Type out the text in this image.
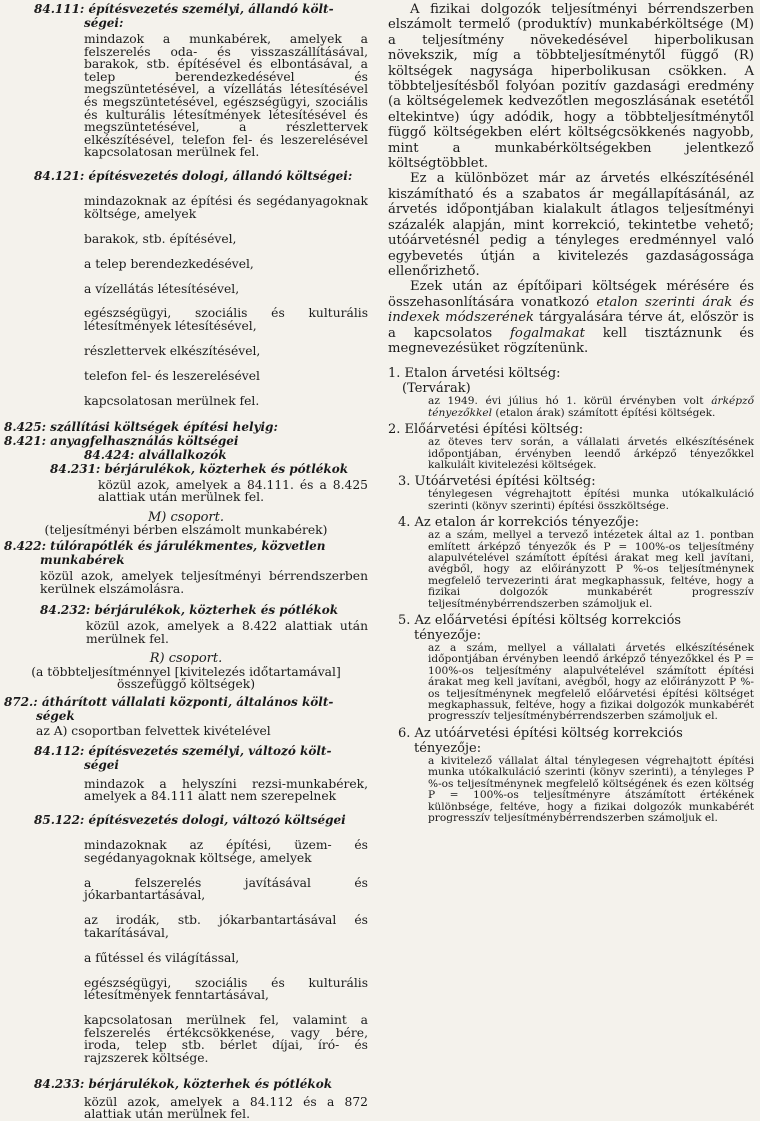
84.111: építésvezetés személyi, állandó költ-
ségei:

mindazok a munkabérek, amelyek a felszerelés oda- és visszaszállításával, barakok, stb. építésével és elbontásával, a telep berendezkedésével és megszüntetésével, a vízellátás létesítésével és megszüntetésével, egészségügyi, szociális és kulturális létesítmények létesítésével és megszüntetésével, a részlettervek elkészítésével, telefon fel- és leszerelésével kapcsolatosan merülnek fel.

84.121: építésvezetés dologi, állandó költségei:

mindazoknak az építési és segédanyagoknak költsége, amelyek

barakok, stb. építésével,

a telep berendezkedésével,

a vízellátás létesítésével,

egészségügyi, szociális és kulturális létesítmények létesítésével,

részlettervek elkészítésével,

telefon fel- és leszerelésével

kapcsolatosan merülnek fel.

8.425: szállítási költségek építési helyig:
8.421: anyagfelhasználás költségei
84.424: alvállalkozók
84.231: bérjárulékok, közterhek és pótlékok

közül azok, amelyek a 84.111. és a 8.425 alattiak után merülnek fel.

M) csoport.
(teljesítményi bérben elszámolt munkabérek)
8.422: túlórapótlék és járulékmentes, közvetlen
munkabérek

közül azok, amelyek teljesítményi bérrendszerben kerülnek elszámolásra.

84.232: bérjárulékok, közterhek és pótlékok

közül azok, amelyek a 8.422 alattiak után merülnek fel.

R) csoport.
(a többteljesítménnyel [kivitelezés időtartamával]
összefüggő költségek)
872.: áthárított vállalati központi, általános költ-
ségek

az A) csoportban felvettek kivételével

84.112: építésvezetés személyi, változó költ-
ségei

mindazok a helyszíni rezsi-munkabérek, amelyek a 84.111 alatt nem szerepelnek

85.122: építésvezetés dologi, változó költségei

mindazoknak az építési, üzem- és segédanyagoknak költsége, amelyek

a felszerelés javításával és jókarbantartásával,

az irodák, stb. jókarbantartásával és takarításával,

a fűtéssel és világítással,

egészségügyi, szociális és kulturális létesítmények fenntartásával,

kapcsolatosan merülnek fel, valamint a felszerelés értékcsökkenése, vagy bére, iroda, telep stb. bérlet díjai, író- és rajzszerek költsége.

84.233: bérjárulékok, közterhek és pótlékok

közül azok, amelyek a 84.112 és a 872 alattiak után merülnek fel.

A fizikai dolgozók teljesítményi bérrendszerben elszámolt termelő (produktív) munkabérköltsége (M) a teljesítmény növekedésével hiperbolikusan növekszik, míg a többteljesítménytől függő (R) költségek nagysága hiperbolikusan csökken. A többteljesítésből folyóan pozitív gazdasági eredmény (a költségelemek kedvezőtlen megoszlásának esetétől eltekintve) úgy adódik, hogy a többteljesítménytől függő költségekben elért költségcsökkenés nagyobb, mint a munkabérköltségekben jelentkező költségtöbblet.

Ez a különbözet már az árvetés elkészítésénél kiszámítható és a szabatos ár megállapításánál, az árvetés időpontjában kialakult átlagos teljesítményi százalék alapján, mint korrekció, tekintetbe vehető; utóárvetésnél pedig a tényleges eredménnyel való egybevetés útján a kivitelezés gazdaságossága ellenőrizhető.

Ezek után az építőipari költségek mérésére és összehasonlítására vonatkozó etalon szerinti árak és indexek módszerének tárgyalására térve át, először is a kapcsolatos fogalmakat kell tisztáznunk és megnevezésüket rögzítenünk.

1. Etalon árvetési költség:
(Tervárak)

az 1949. évi július hó 1. körül érvényben volt árképző tényezőkkel (etalon árak) számított építési költségek.

2. Előárvetési építési költség:

az öteves terv során, a vállalati árvetés elkészítésének időpontjában, érvényben leendő árképző tényezőkkel kalkulált kivitelezési költségek.

3. Utóárvetési építési költség:

ténylegesen végrehajtott építési munka utókalkuláció szerinti (könyv szerinti) építési összköltsége.

4. Az etalon ár korrekciós tényezője:

az a szám, mellyel a tervező intézetek által az 1. pontban említett árképző tényezők és P = 100%-os teljesítmény alapulvételével számított építési árakat meg kell javítani, avégből, hogy az előirányzott P %-os teljesítménynek megfelelő tervezerinti árat megkaphassuk, feltéve, hogy a fizikai dolgozók munkabérét progresszív teljesítménybérrendszerben számoljuk el.

5. Az előárvetési építési költség korrekciós
tényezője:

az a szám, mellyel a vállalati árvetés elkészítésének időpontjában érvényben leendő árképző tényezőkkel és P = 100%-os teljesítmény alapulvételével számított építési árakat meg kell javítani, avégből, hogy az előirányzott P %-os teljesítménynek megfelelő előárvetési építési költséget megkaphassuk, feltéve, hogy a fizikai dolgozók munkabérét progresszív teljesítménybérrendszerben számoljuk el.

6. Az utóárvetési építési költség korrekciós
tényezője:

a kivitelező vállalat által ténylegesen végrehajtott építési munka utókalkuláció szerinti (könyv szerinti), a tényleges P %-os teljesítménynek megfelelő költségének és ezen költség P = 100%-os teljesítményre átszámított értékének különbsége, feltéve, hogy a fizikai dolgozók munkabérét progresszív teljesítménybérrendszerben számoljuk el.
